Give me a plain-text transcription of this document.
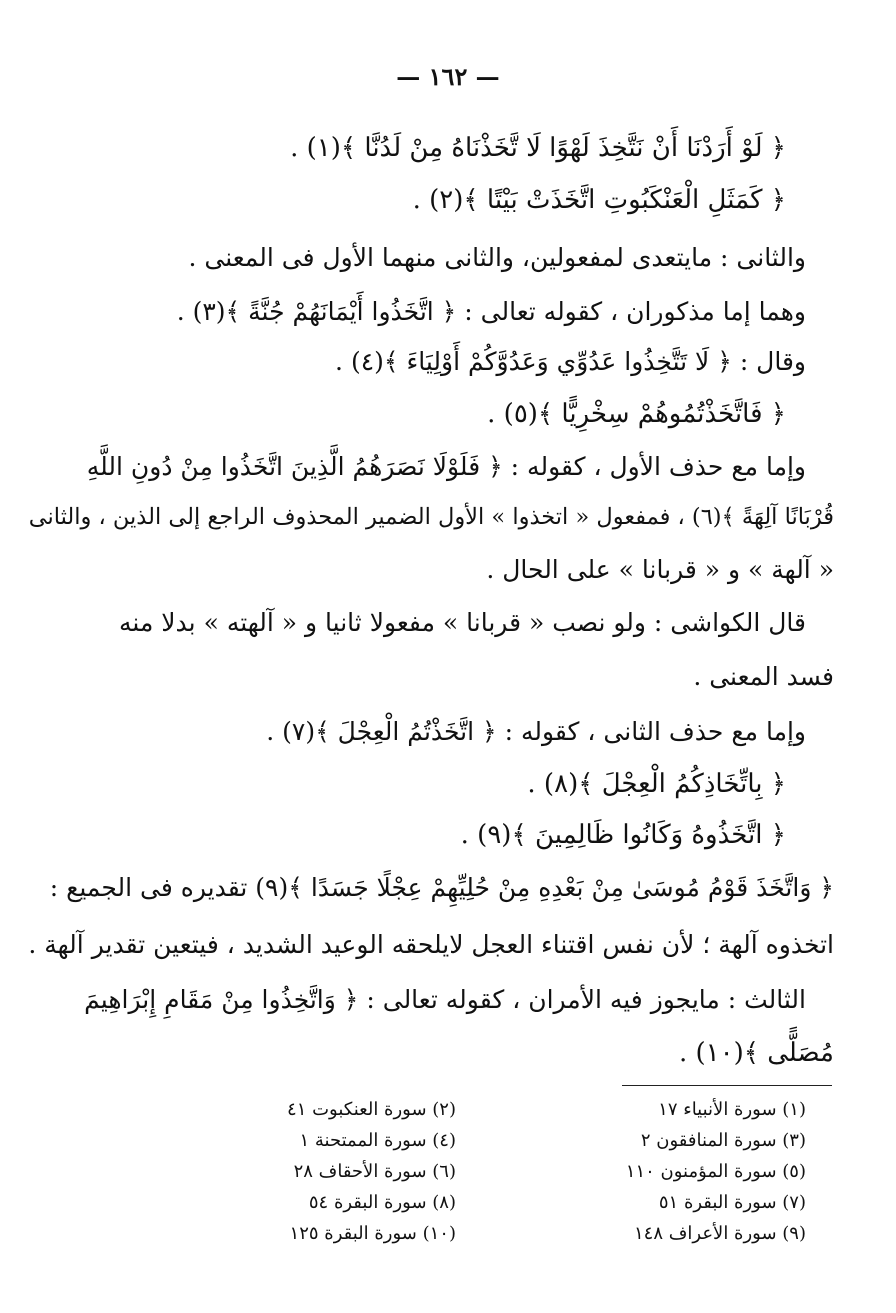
— ١٦٢ —
﴿ لَوْ أَرَدْنَا أَنْ نَتَّخِذَ لَهْوًا لَا تَّخَذْنَاهُ مِنْ لَدُنَّا ﴾(١) .
﴿ كَمَثَلِ الْعَنْكَبُوتِ اتَّخَذَتْ بَيْتًا ﴾(٢) .
والثانى : مايتعدى لمفعولين، والثانى منهما الأول فى المعنى .
وهما إما مذكوران ، كقوله تعالى : ﴿ اتَّخَذُوا أَيْمَانَهُمْ جُنَّةً ﴾(٣) .
وقال : ﴿ لَا تَتَّخِذُوا عَدُوِّي وَعَدُوَّكُمْ أَوْلِيَاءَ ﴾(٤) .
﴿ فَاتَّخَذْتُمُوهُمْ سِخْرِيًّا ﴾(٥) .
وإما مع حذف الأول ، كقوله : ﴿ فَلَوْلَا نَصَرَهُمُ الَّذِينَ اتَّخَذُوا مِنْ دُونِ اللَّهِ
قُرْبَانًا آلِهَةً ﴾(٦) ، فمفعول « اتخذوا » الأول الضمير المحذوف الراجع إلى الذين ، والثانى
« آلهة » و « قربانا » على الحال .
قال الكواشى : ولو نصب « قربانا » مفعولا ثانيا و « آلهته » بدلا منه
فسد المعنى .
وإما مع حذف الثانى ، كقوله : ﴿ اتَّخَذْتُمُ الْعِجْلَ ﴾(٧) .
﴿ بِاتِّخَاذِكُمُ الْعِجْلَ ﴾(٨) .
﴿ اتَّخَذُوهُ وَكَانُوا ظَالِمِينَ ﴾(٩) .
﴿ وَاتَّخَذَ قَوْمُ مُوسَىٰ مِنْ بَعْدِهِ مِنْ حُلِيِّهِمْ عِجْلًا جَسَدًا ﴾(٩) تقديره فى الجميع :
اتخذوه آلهة ؛ لأن نفس اقتناء العجل لايلحقه الوعيد الشديد ، فيتعين تقدير آلهة .
الثالث : مايجوز فيه الأمران ، كقوله تعالى : ﴿ وَاتَّخِذُوا مِنْ مَقَامِ إِبْرَاهِيمَ
مُصَلًّى ﴾(١٠) .
(١) سورة الأنبياء ١٧
(٢) سورة العنكبوت ٤١
(٣) سورة المنافقون ٢
(٤) سورة الممتحنة ١
(٥) سورة المؤمنون ١١٠
(٦) سورة الأحقاف ٢٨
(٧) سورة البقرة ٥١
(٨) سورة البقرة ٥٤
(٩) سورة الأعراف ١٤٨
(١٠) سورة البقرة ١٢٥
